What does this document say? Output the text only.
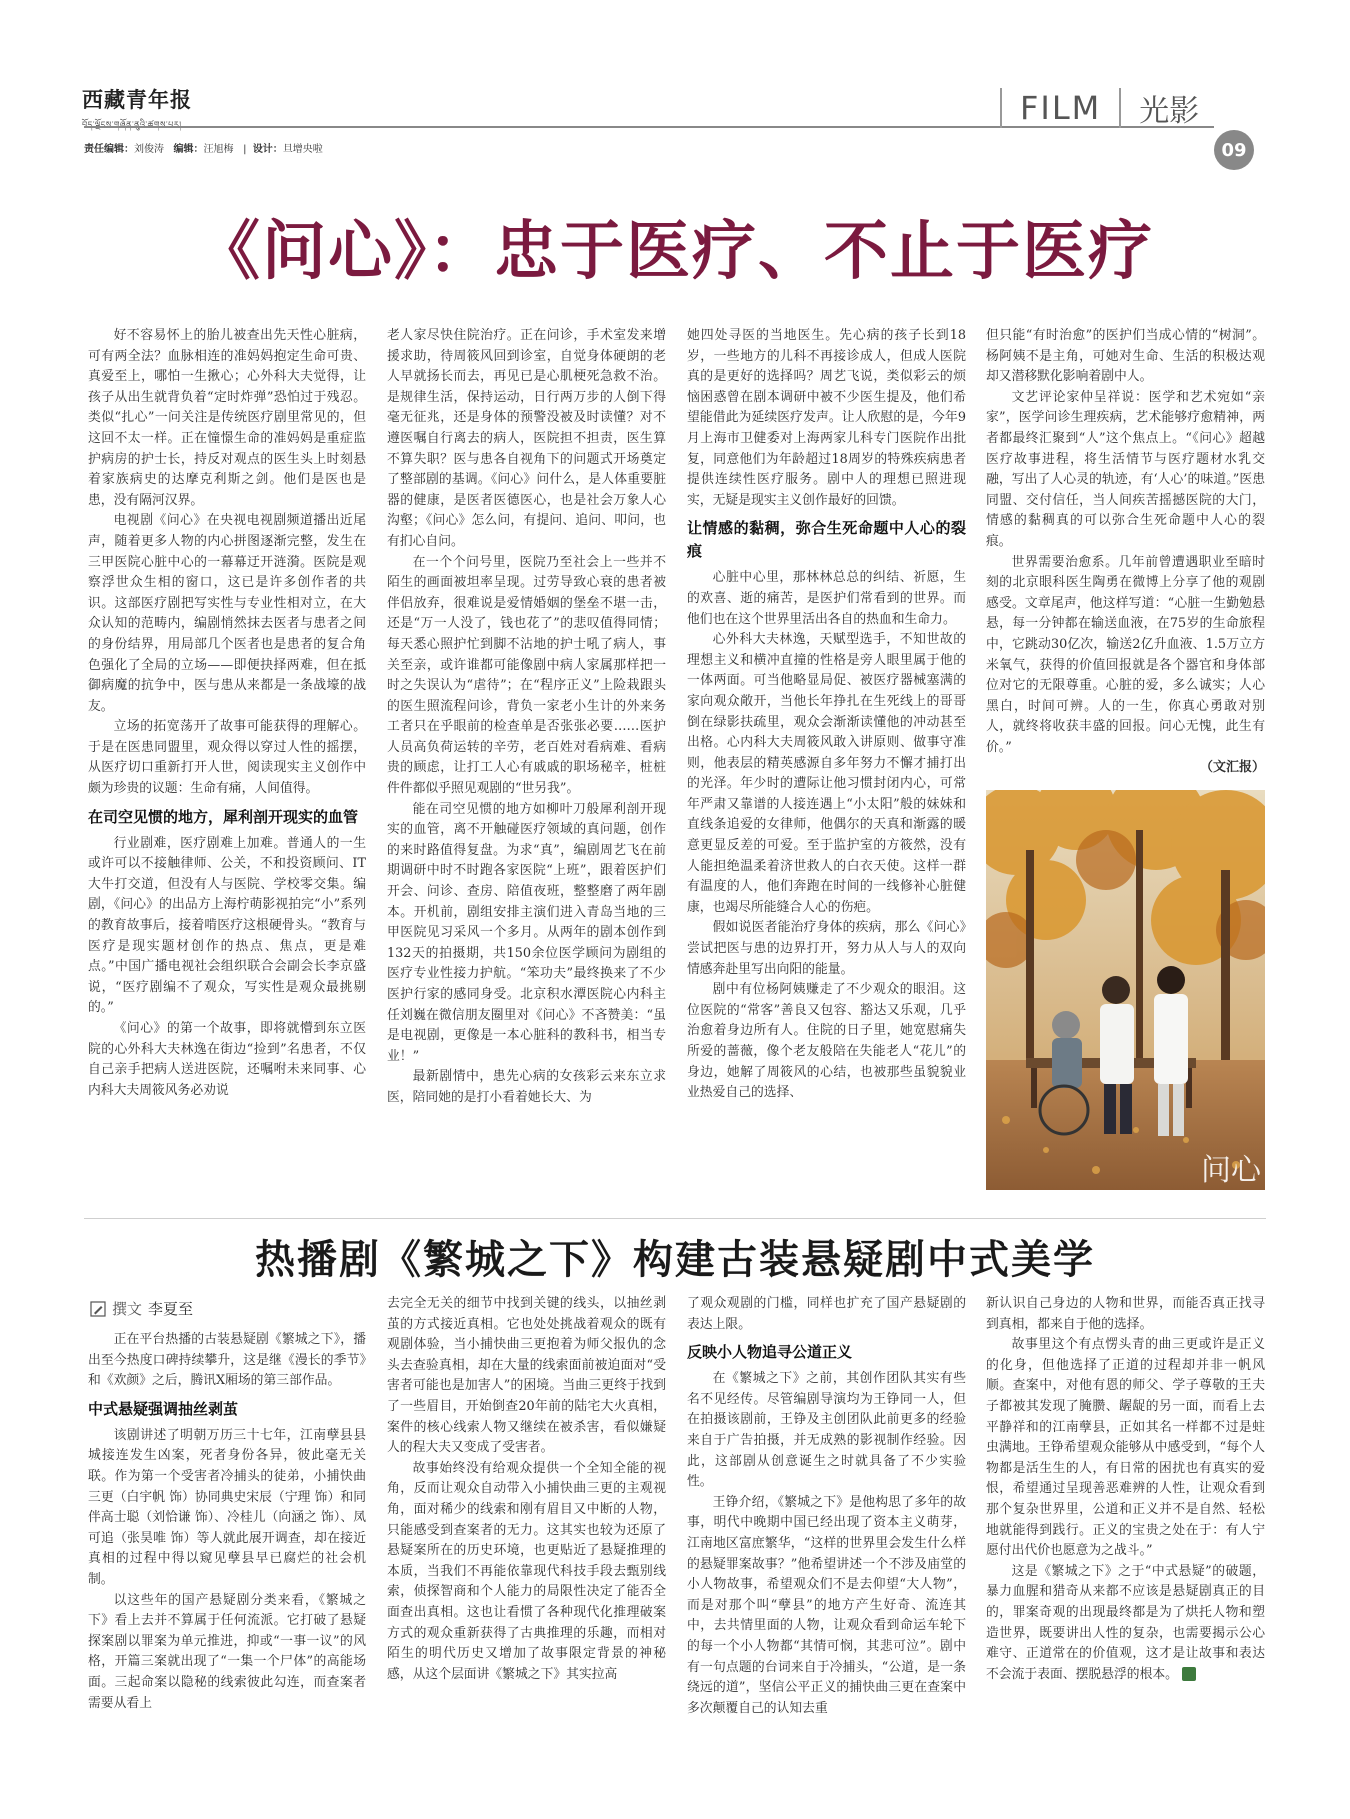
西藏青年报
བོད་ལྗོངས་གཞོན་ནུའི་ཚགས་པར།
责任编辑：刘俊涛 编辑：汪旭梅   |  设计：旦增央啦
FILM 光影
09
《问心》：忠于医疗、不止于医疗

好不容易怀上的胎儿被查出先天性心脏病，可有两全法？血脉相连的准妈妈抱定生命可贵、真爱至上，哪怕一生揪心；心外科大夫觉得，让孩子从出生就背负着“定时炸弹”恐怕过于残忍。类似“扎心”一问关注是传统医疗剧里常见的，但这回不太一样。正在憧憬生命的准妈妈是重症监护病房的护士长，持反对观点的医生头上时刻悬着家族病史的达摩克利斯之剑。他们是医也是患，没有隔河汉界。

电视剧《问心》在央视电视剧频道播出近尾声，随着更多人物的内心拼图逐渐完整，发生在三甲医院心脏中心的一幕幕迂开涟漪。医院是观察浮世众生相的窗口，这已是许多创作者的共识。这部医疗剧把写实性与专业性相对立，在大众认知的范畴内，编剧悄然抹去医者与患者之间的身份结界，用局部几个医者也是患者的复合角色强化了全局的立场——即便抉择两难，但在抵御病魔的抗争中，医与患从来都是一条战壕的战友。

立场的拓宽荡开了故事可能获得的理解心。于是在医患同盟里，观众得以穿过人性的摇摆，从医疗切口重新打开人世，阅读现实主义创作中颇为珍贵的议题：生命有痛，人间值得。

在司空见惯的地方，犀利剖开现实的血管

行业剧难，医疗剧难上加难。普通人的一生或许可以不接触律师、公关，不和投资顾问、IT大牛打交道，但没有人与医院、学校零交集。编剧，《问心》的出品方上海柠萌影视拍完“小”系列的教育故事后，接着啃医疗这根硬骨头。“教育与医疗是现实题材创作的热点、焦点，更是难点。”中国广播电视社会组织联合会副会长李京盛说，“医疗剧编不了观众，写实性是观众最挑剔的。”

《问心》的第一个故事，即将就懵到东立医院的心外科大夫林逸在街边“捡到”名患者，不仅自己亲手把病人送进医院，还嘱咐未来同事、心内科大夫周筱风务必劝说

老人家尽快住院治疗。正在问诊，手术室发来增援求助，待周筱风回到诊室，自觉身体硬朗的老人早就扬长而去，再见已是心肌梗死急救不治。是规律生活，保持运动，日行两万步的人倒下得毫无征兆，还是身体的预警没被及时读懂？对不遵医嘱自行离去的病人，医院担不担责，医生算不算失职？医与患各自视角下的问题式开场奠定了整部剧的基调。《问心》问什么，是人体重要脏器的健康，是医者医德医心，也是社会万象人心沟壑；《问心》怎么问，有提问、追问、叩问，也有扪心自问。

在一个个问号里，医院乃至社会上一些并不陌生的画面被坦率呈现。过劳导致心衰的患者被伴侣放弃，很难说是爱情婚姻的堡垒不堪一击，还是“万一人没了，钱也花了”的悲叹值得同情；每天悉心照护忙到脚不沾地的护士吼了病人，事关至亲，或许谁都可能像剧中病人家属那样把一时之失误认为“虐待”；在“程序正义”上险栽跟头的医生照流程问诊，背负一家老小生计的外来务工者只在乎眼前的检查单是否张张必要……医护人员高负荷运转的辛劳，老百姓对看病难、看病贵的顾虑，让打工人心有戚戚的职场秘辛，桩桩件件都似乎照见观剧的“世另我”。

能在司空见惯的地方如柳叶刀般犀利剖开现实的血管，离不开触碰医疗领域的真问题，创作的来时路值得复盘。为求“真”，编剧周艺飞在前期调研中时不时跑各家医院“上班”，跟着医护们开会、问诊、查房、陪值夜班，整整磨了两年剧本。开机前，剧组安排主演们进入青岛当地的三甲医院见习采风一个多月。从两年的剧本创作到132天的拍摄期，共150余位医学顾问为剧组的医疗专业性接力护航。“笨功夫”最终换来了不少医护行家的感同身受。北京积水潭医院心内科主任刘巍在微信朋友圈里对《问心》不吝赞美：“虽是电视剧，更像是一本心脏科的教科书，相当专业！”

最新剧情中，患先心病的女孩彩云来东立求医，陪同她的是打小看着她长大、为

她四处寻医的当地医生。先心病的孩子长到18岁，一些地方的儿科不再接诊成人，但成人医院真的是更好的选择吗？周艺飞说，类似彩云的烦恼困惑曾在剧本调研中被不少医生提及，他们希望能借此为延续医疗发声。让人欣慰的是，今年9月上海市卫健委对上海两家儿科专门医院作出批复，同意他们为年龄超过18周岁的特殊疾病患者提供连续性医疗服务。剧中人的理想已照进现实，无疑是现实主义创作最好的回馈。

让情感的黏稠，弥合生死命题中人心的裂痕

心脏中心里，那林林总总的纠结、祈愿，生的欢喜、逝的痛苦，是医护们常看到的世界。而他们也在这个世界里活出各自的热血和生命力。

心外科大夫林逸，天赋型选手，不知世故的理想主义和横冲直撞的性格是旁人眼里属于他的一体两面。可当他略显局促、被医疗器械塞满的家向观众敞开，当他长年挣扎在生死线上的哥哥倒在绿影扶疏里，观众会渐渐读懂他的冲动甚至出格。心内科大夫周筱风敢入讲原则、做事守准则，他表层的精英感源自多年努力不懈才捕打出的光泽。年少时的遭际让他习惯封闭内心，可常年严肃又靠谱的人接连遇上“小太阳”般的妹妹和直线条追爱的女律师，他偶尔的天真和渐露的暖意更显反差的可爱。至于监护室的方筱然，没有人能担绝温柔着济世救人的白衣天使。这样一群有温度的人，他们奔跑在时间的一线修补心脏健康，也竭尽所能缝合人心的伤疤。

假如说医者能治疗身体的疾病，那么《问心》尝试把医与患的边界打开，努力从人与人的双向情感奔赴里写出向阳的能量。

剧中有位杨阿姨赚走了不少观众的眼泪。这位医院的“常客”善良又包容、豁达又乐观，几乎治愈着身边所有人。住院的日子里，她宽慰痛失所爱的蔷薇，像个老友般陪在失能老人“花儿”的身边，她解了周筱风的心结，也被那些虽貌貌业业热爱自己的选择、

但只能“有时治愈”的医护们当成心情的“树洞”。杨阿姨不是主角，可她对生命、生活的积极达观却又潜移默化影响着剧中人。

文艺评论家仲呈祥说：医学和艺术宛如“亲家”，医学问诊生理疾病，艺术能够疗愈精神，两者都最终汇聚到“人”这个焦点上。“《问心》超越医疗故事进程，将生活情节与医疗题材水乳交融，写出了人心灵的轨迹，有‘人心’的味道。”医患同盟、交付信任，当人间疾苦摇撼医院的大门，情感的黏稠真的可以弥合生死命题中人心的裂痕。

世界需要治愈系。几年前曾遭遇职业至暗时刻的北京眼科医生陶勇在微博上分享了他的观剧感受。文章尾声，他这样写道：“心脏一生勤勉悬悬，每一分钟都在输送血液，在75岁的生命旅程中，它跳动30亿次，输送2亿升血液、1.5万立方米氧气，获得的价值回报就是各个器官和身体部位对它的无限尊重。心脏的爱，多么诚实；人心黑白，时间可辨。人的一生，你真心勇敢对别人，就终将收获丰盛的回报。问心无愧，此生有价。”

（文汇报）

问心
热播剧《繁城之下》构建古装悬疑剧中式美学
撰文 李夏至

正在平台热播的古装悬疑剧《繁城之下》，播出至今热度口碑持续攀升，这是继《漫长的季节》和《欢颜》之后，腾讯X厢场的第三部作品。

中式悬疑强调抽丝剥茧

该剧讲述了明朝万历三十七年，江南孽县县城接连发生凶案，死者身份各异，彼此毫无关联。作为第一个受害者冷捕头的徒弟，小捕快曲三更（白宇帆 饰）协同典史宋辰（宁理 饰）和同伴高士聪（刘恰谦 饰）、冷桂儿（向涵之 饰）、凤可追（张昊唯 饰）等人就此展开调查，却在接近真相的过程中得以窥见孽县早已腐烂的社会机制。

以这些年的国产悬疑剧分类来看，《繁城之下》看上去并不算属于任何流派。它打破了悬疑探案剧以罪案为单元推进，抑或“一事一议”的风格，开篇三案就出现了“一集一个尸体”的高能场面。三起命案以隐秘的线索彼此勾连，而查案者需要从看上

去完全无关的细节中找到关键的线头，以抽丝剥茧的方式接近真相。它也处处挑战着观众的既有观剧体验，当小捕快曲三更抱着为师父报仇的念头去查验真相，却在大量的线索面前被迫面对“受害者可能也是加害人”的困境。当曲三更终于找到了一些眉目，开始倒查20年前的陆宅大火真相，案件的核心线索人物又继续在被杀害，看似嫌疑人的程大夫又变成了受害者。

故事始终没有给观众提供一个全知全能的视角，反而让观众自动带入小捕快曲三更的主观视角，面对稀少的线索和刚有眉目又中断的人物，只能感受到查案者的无力。这其实也较为还原了悬疑案所在的历史环境，也更贴近了悬疑推理的本质，当我们不再能依靠现代科技手段去甄别线索，侦探智商和个人能力的局限性决定了能否全面查出真相。这也让看惯了各种现代化推理破案方式的观众重新获得了古典推理的乐趣，而相对陌生的明代历史又增加了故事限定背景的神秘感，从这个层面讲《繁城之下》其实拉高

了观众观剧的门槛，同样也扩充了国产悬疑剧的表达上限。

反映小人物追寻公道正义

在《繁城之下》之前，其创作团队其实有些名不见经传。尽管编剧导演均为王铮同一人，但在拍摄该剧前，王铮及主创团队此前更多的经验来自于广告拍摄，并无成熟的影视制作经验。因此，这部剧从创意诞生之时就具备了不少实验性。

王铮介绍，《繁城之下》是他构思了多年的故事，明代中晚期中国已经出现了资本主义萌芽，江南地区富庶繁华，“这样的世界里会发生什么样的悬疑罪案故事？”他希望讲述一个不涉及庙堂的小人物故事，希望观众们不是去仰望“大人物”，而是对那个叫“孽县”的地方产生好奇、流连其中，去共情里面的人物，让观众看到命运车轮下的每一个小人物都“其情可悯，其悲可泣”。剧中有一句点题的台词来自于冷捕头，“公道，是一条绕远的道”，坚信公平正义的捕快曲三更在查案中多次颠覆自己的认知去重

新认识自己身边的人物和世界，而能否真正找寻到真相，都来自于他的选择。

故事里这个有点愣头青的曲三更或许是正义的化身，但他选择了正道的过程却并非一帆风顺。查案中，对他有恩的师父、学子尊敬的王夫子都被其发现了腌臜、龌龊的另一面，而看上去平静祥和的江南孽县，正如其名一样都不过是蛀虫满地。王铮希望观众能够从中感受到，“每个人物都是活生生的人，有日常的困扰也有真实的爱恨，希望通过呈现善恶难辨的人性，让观众看到那个复杂世界里，公道和正义并不是自然、轻松地就能得到践行。正义的宝贵之处在于：有人宁愿付出代价也愿意为之战斗。”

这是《繁城之下》之于“中式悬疑”的破题，暴力血腥和猎奇从来都不应该是悬疑剧真正的目的，罪案奇观的出现最终都是为了烘托人物和塑造世界，既要讲出人性的复杂，也需要揭示公心难守、正道常在的价值观，这才是让故事和表达不会流于表面、摆脱悬浮的根本。
